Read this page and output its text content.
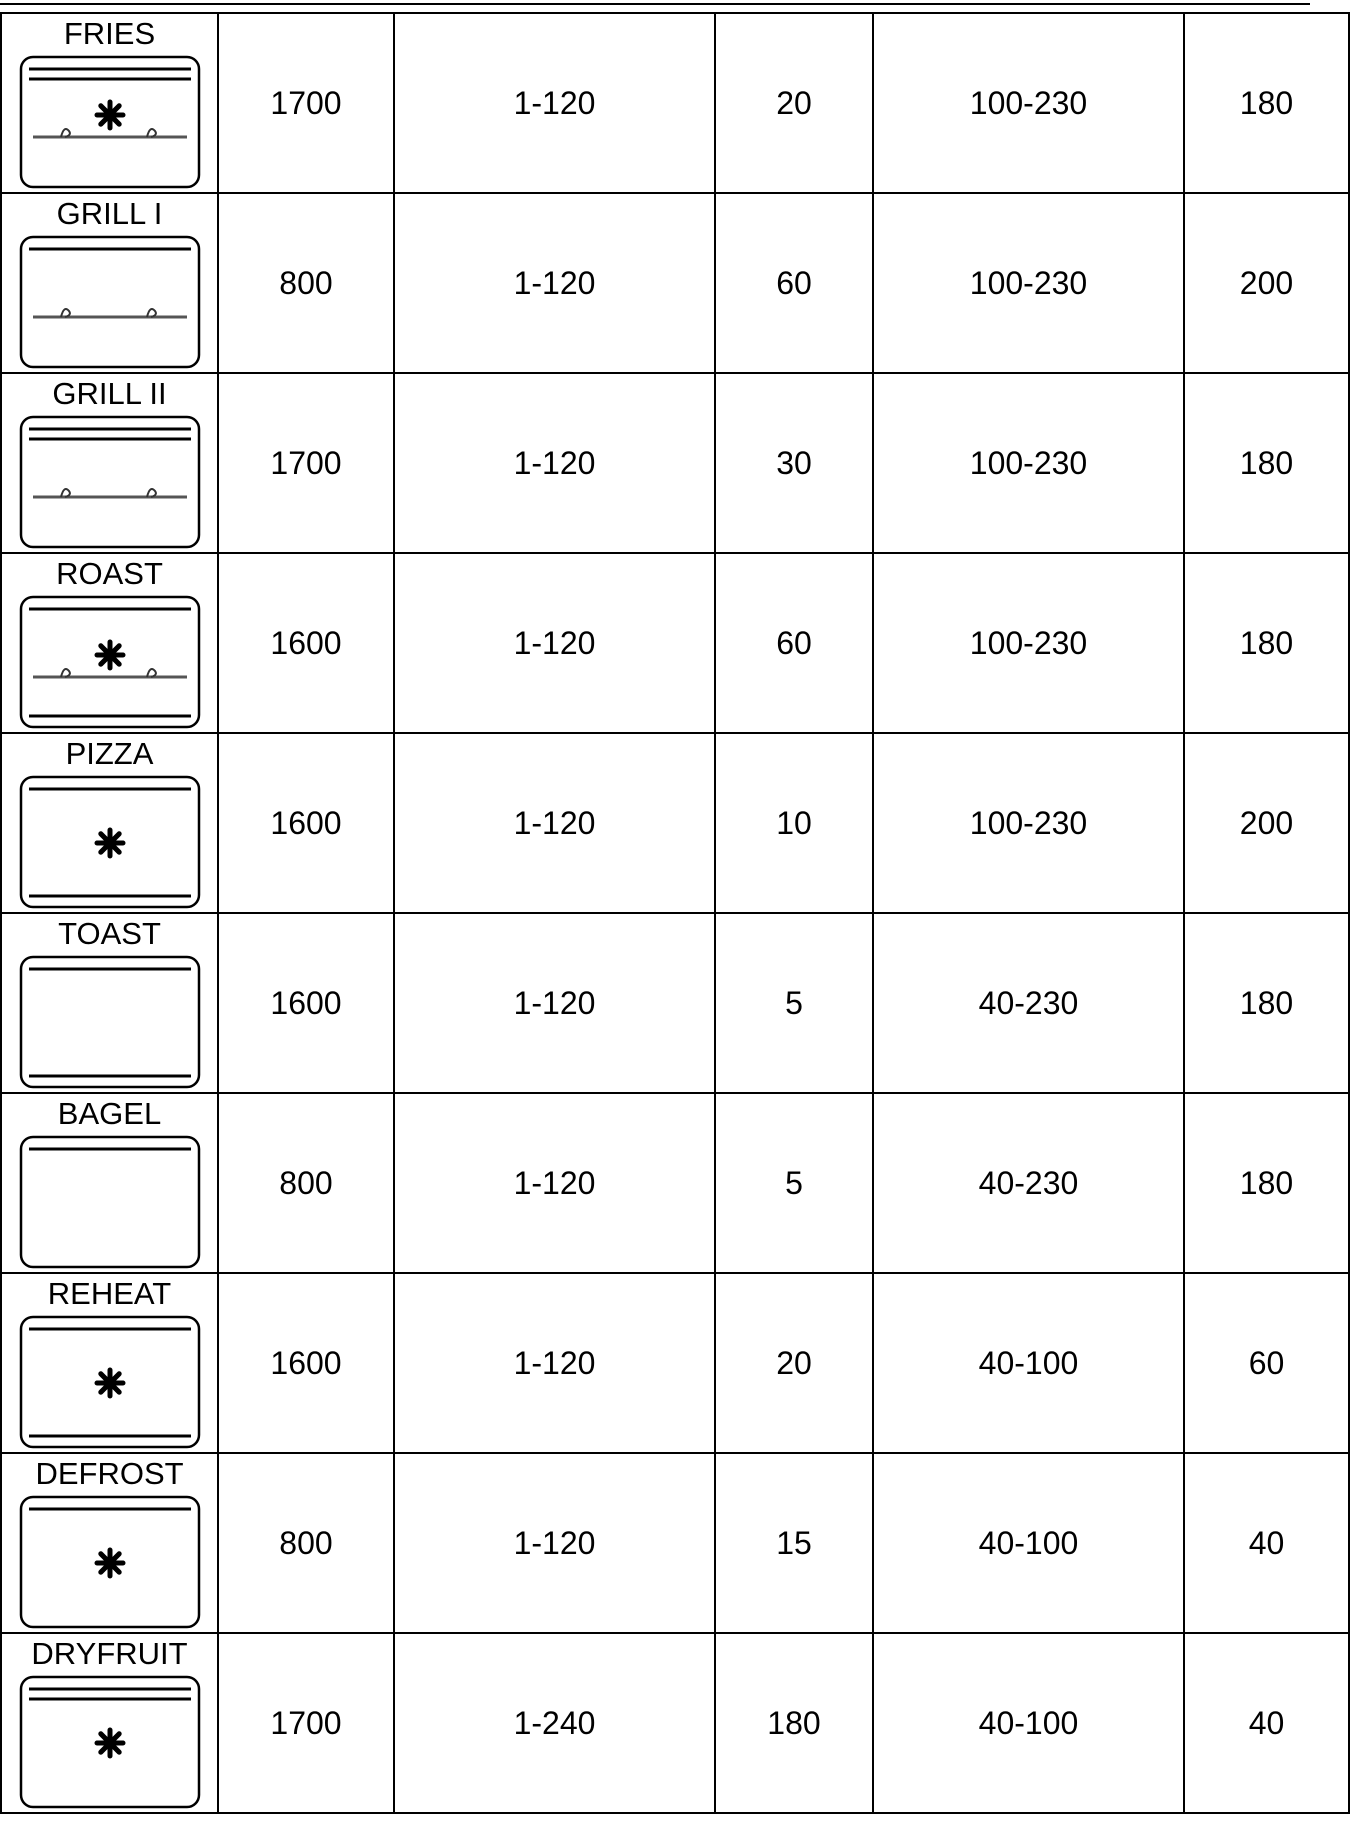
FRIES	1700	1-120	20	100-230	180

GRILL I	800	1-120	60	100-230	200

GRILL II	1700	1-120	30	100-230	180

ROAST	1600	1-120	60	100-230	180

PIZZA	1600	1-120	10	100-230	200

TOAST	1600	1-120	5	40-230	180

BAGEL	800	1-120	5	40-230	180

REHEAT	1600	1-120	20	40-100	60

DEFROST	800	1-120	15	40-100	40

DRYFRUIT	1700	1-240	180	40-100	40
